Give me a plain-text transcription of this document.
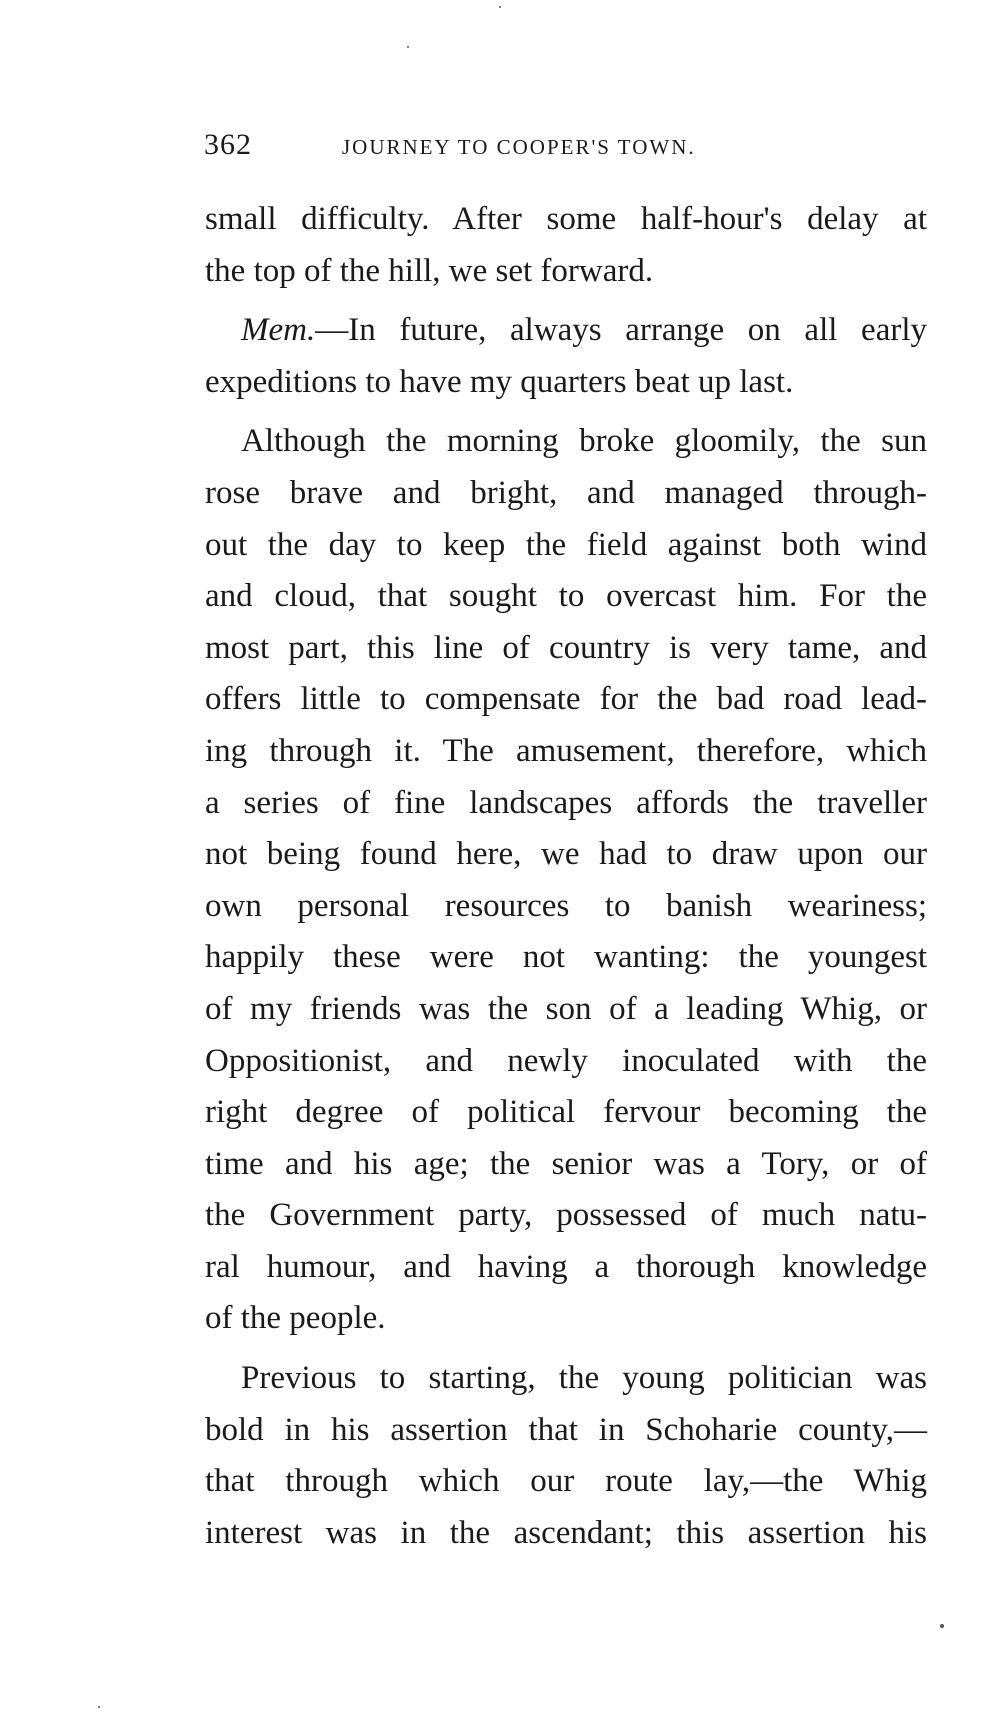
362	JOURNEY TO COOPER'S TOWN.
small difficulty. After some half-hour's delay at
the top of the hill, we set forward.
Mem.—In future, always arrange on all early
expeditions to have my quarters beat up last.
Although the morning broke gloomily, the sun
rose brave and bright, and managed through-
out the day to keep the field against both wind
and cloud, that sought to overcast him. For the
most part, this line of country is very tame, and
offers little to compensate for the bad road lead-
ing through it. The amusement, therefore, which
a series of fine landscapes affords the traveller
not being found here, we had to draw upon our
own personal resources to banish weariness;
happily these were not wanting: the youngest
of my friends was the son of a leading Whig, or
Oppositionist, and newly inoculated with the
right degree of political fervour becoming the
time and his age; the senior was a Tory, or of
the Government party, possessed of much natu-
ral humour, and having a thorough knowledge
of the people.
Previous to starting, the young politician was
bold in his assertion that in Schoharie county,—
that through which our route lay,—the Whig
interest was in the ascendant; this assertion his
